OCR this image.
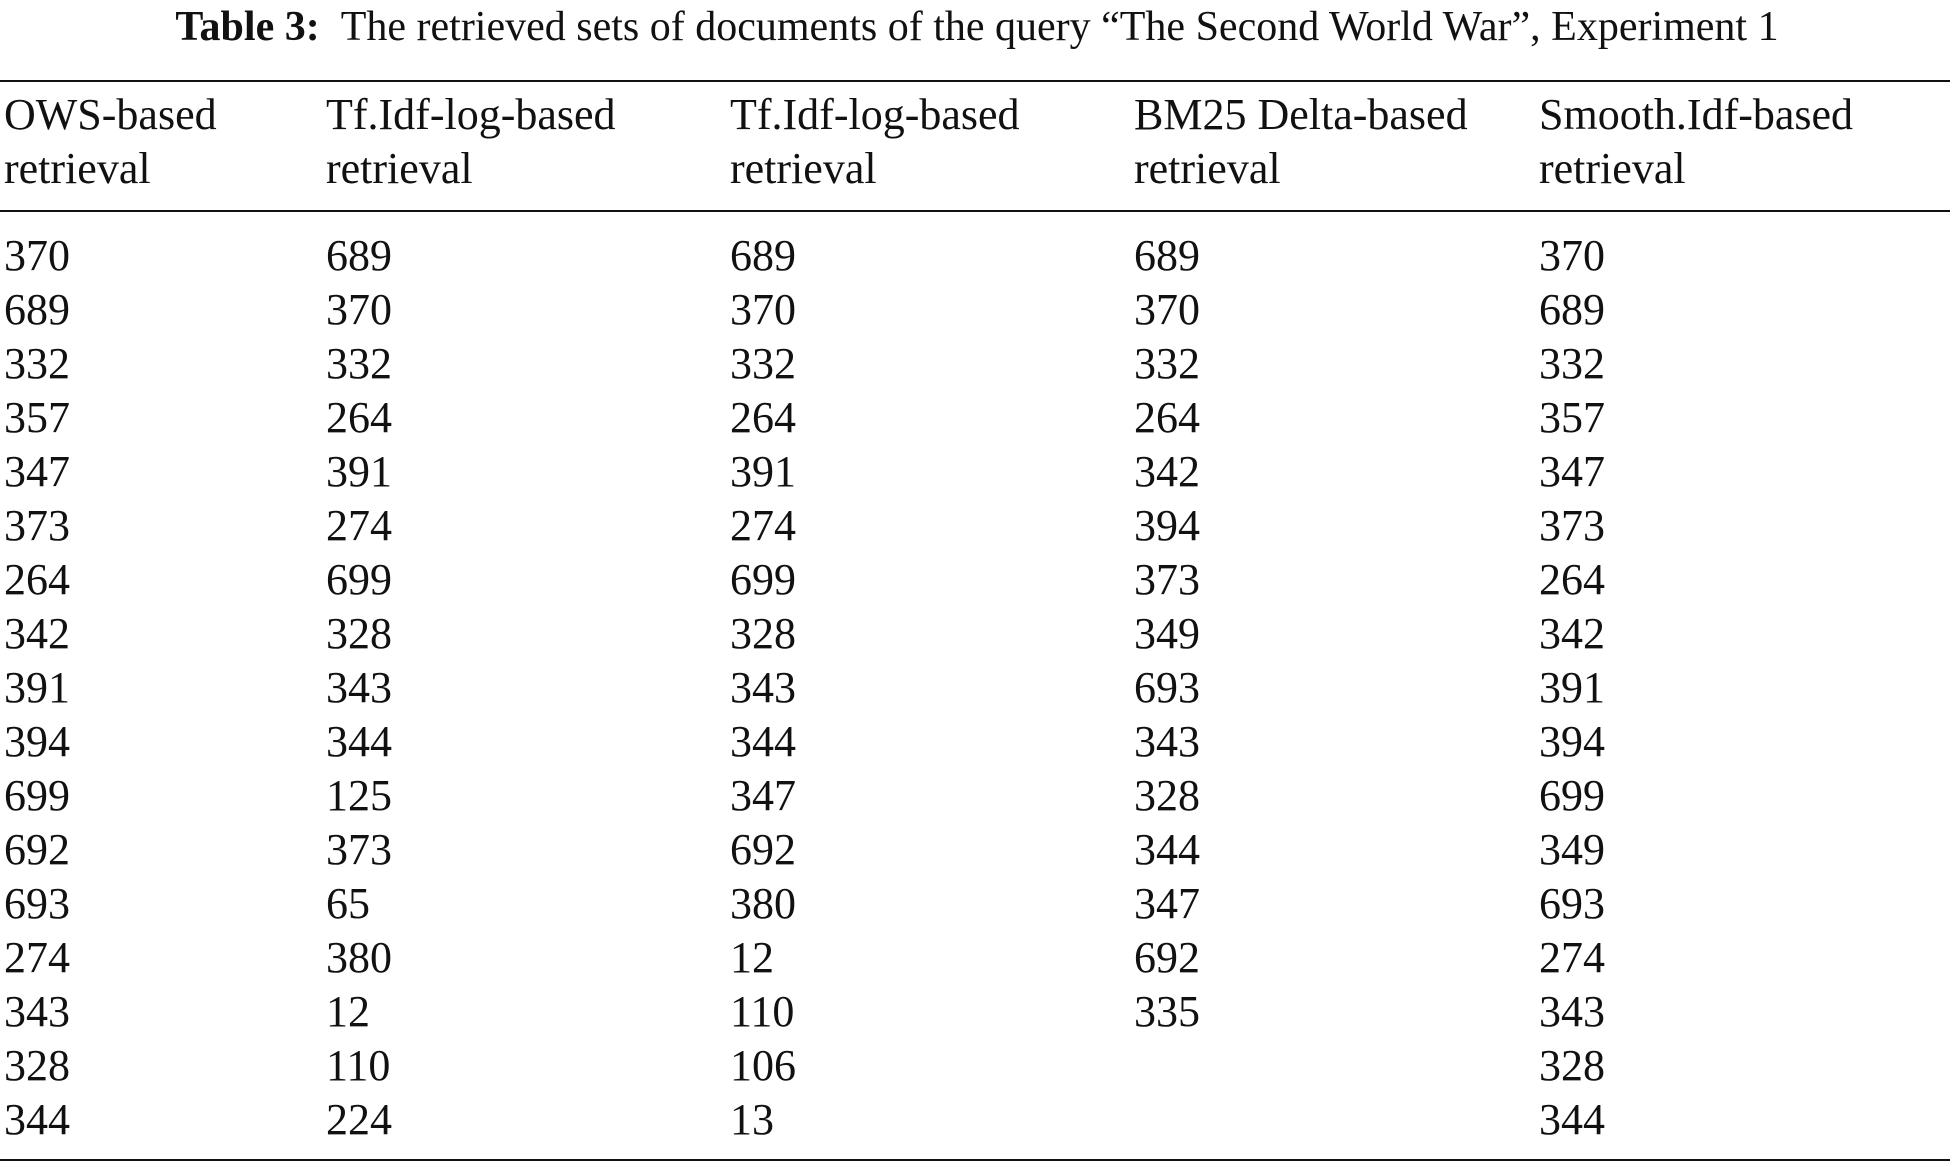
Table 3: The retrieved sets of documents of the query “The Second World War”, Experiment 1
OWS-based
retrieval
Tf.Idf-log-based
retrieval
Tf.Idf-log-based
retrieval
BM25 Delta-based
retrieval
Smooth.Idf-based
retrieval
370
689
332
357
347
373
264
342
391
394
699
692
693
274
343
328
344
689
370
332
264
391
274
699
328
343
344
125
373
65
380
12
110
224
689
370
332
264
391
274
699
328
343
344
347
692
380
12
110
106
13
689
370
332
264
342
394
373
349
693
343
328
344
347
692
335
370
689
332
357
347
373
264
342
391
394
699
349
693
274
343
328
344
